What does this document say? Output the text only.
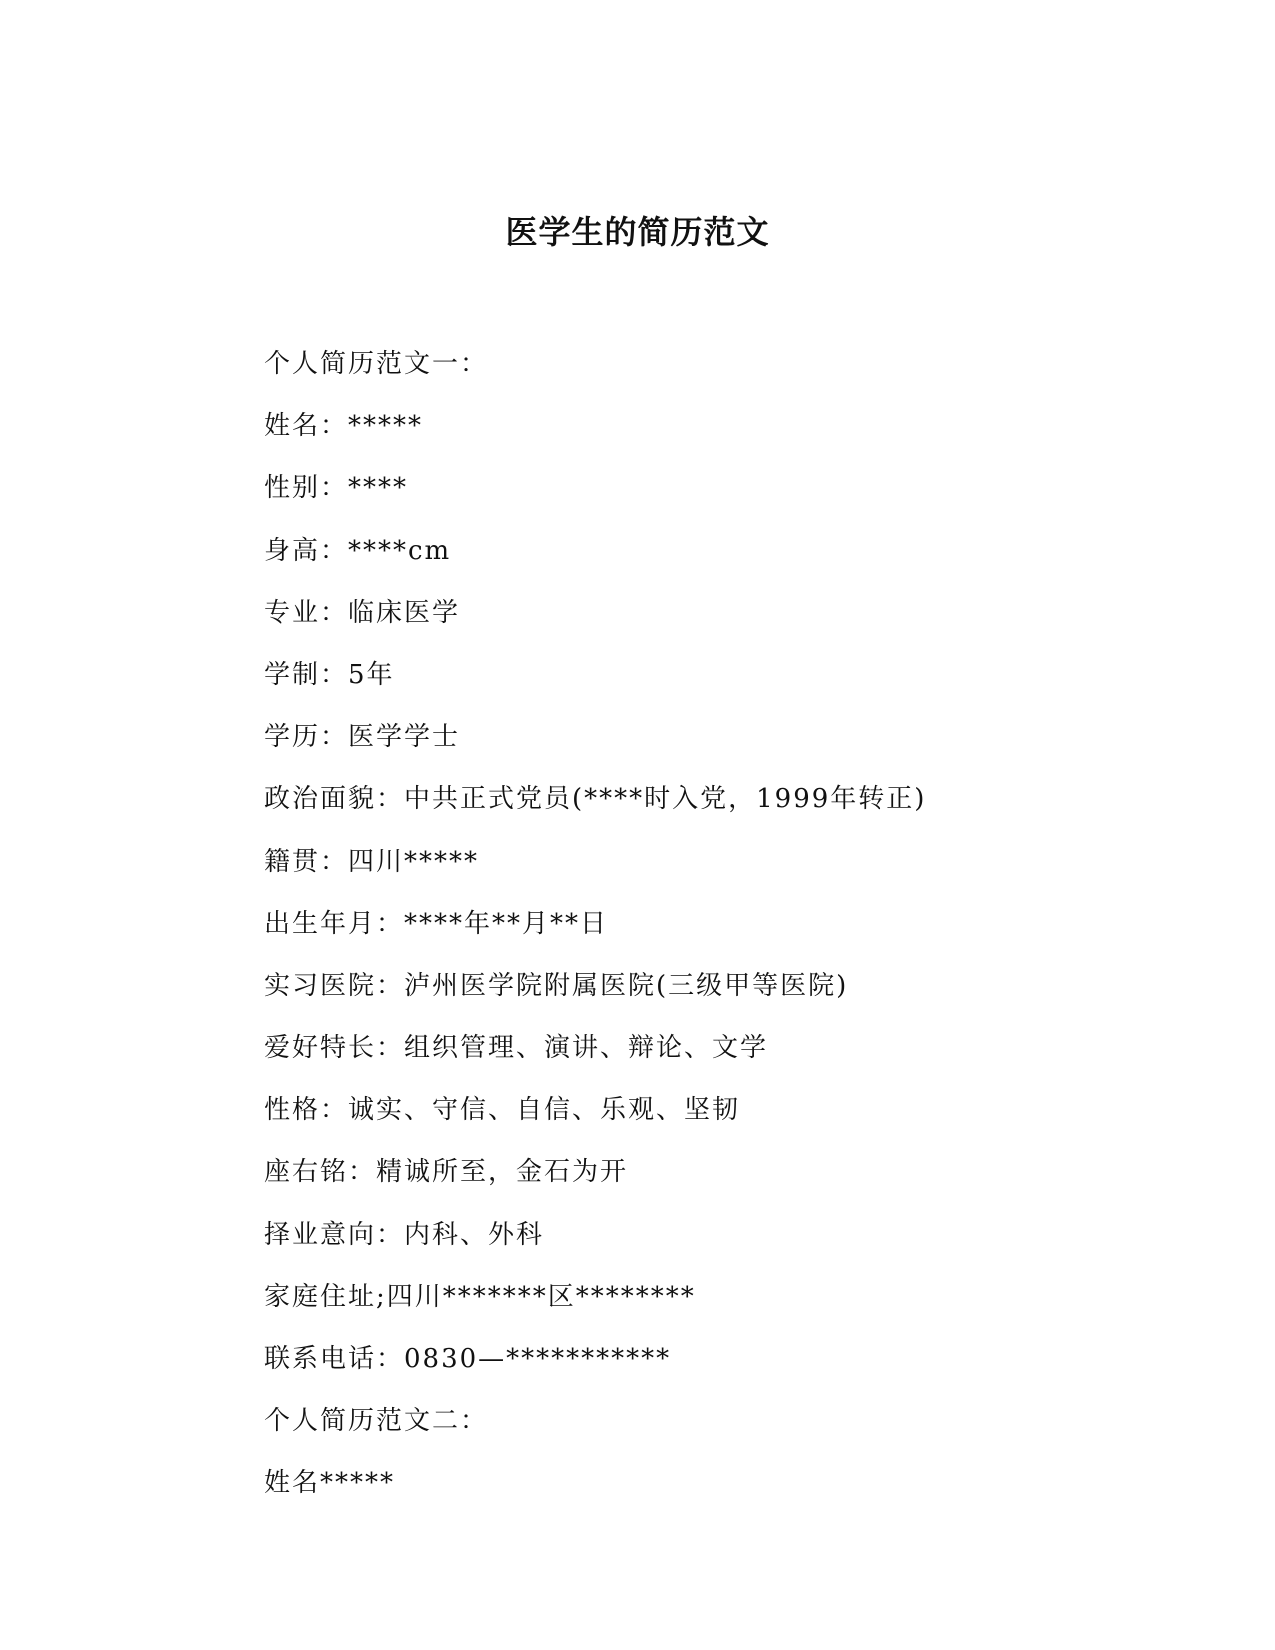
医学生的简历范文
个人简历范文一：
姓名：*****
性别：****
身高：****cm
专业：临床医学
学制：5年
学历：医学学士
政治面貌：中共正式党员(****时入党，1999年转正)
籍贯：四川*****
出生年月：****年**月**日
实习医院：泸州医学院附属医院(三级甲等医院)
爱好特长：组织管理、演讲、辩论、文学
性格：诚实、守信、自信、乐观、坚韧
座右铭：精诚所至，金石为开
择业意向：内科、外科
家庭住址;四川*******区********
联系电话：0830—***********
个人简历范文二：
姓名*****
